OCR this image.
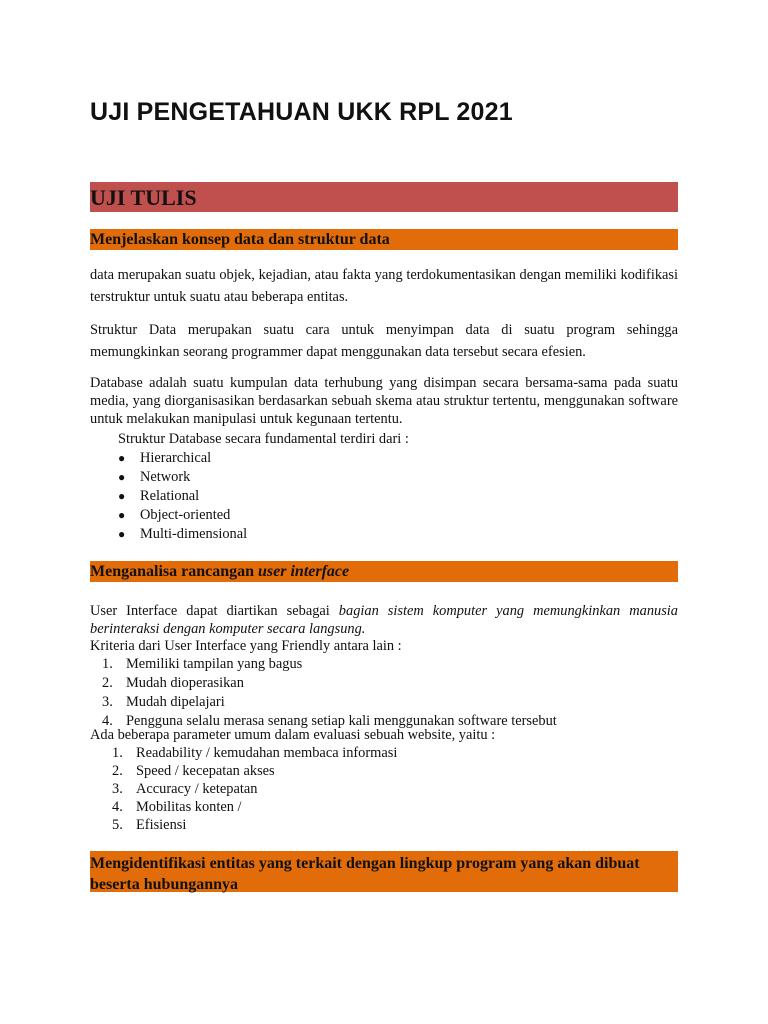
UJI PENGETAHUAN UKK RPL 2021
UJI TULIS
Menjelaskan konsep data dan struktur data
data merupakan suatu objek, kejadian, atau fakta yang terdokumentasikan dengan memiliki kodifikasi terstruktur untuk suatu atau beberapa entitas.
Struktur Data merupakan suatu cara untuk menyimpan data di suatu program sehingga memungkinkan seorang programmer dapat menggunakan data tersebut secara efesien.
Database adalah suatu kumpulan data terhubung yang disimpan secara bersama-sama pada suatu media, yang diorganisasikan berdasarkan sebuah skema atau struktur tertentu, menggunakan software untuk melakukan manipulasi untuk kegunaan tertentu.
Struktur Database secara fundamental terdiri dari :
● Hierarchical
● Network
● Relational
● Object-oriented
● Multi-dimensional
Menganalisa rancangan user interface
User Interface dapat diartikan sebagai bagian sistem komputer yang memungkinkan manusia berinteraksi dengan komputer secara langsung.
Kriteria dari User Interface yang Friendly antara lain :
1. Memiliki tampilan yang bagus
2. Mudah dioperasikan
3. Mudah dipelajari
4. Pengguna selalu merasa senang setiap kali menggunakan software tersebut
Ada beberapa parameter umum dalam evaluasi sebuah website, yaitu :
1. Readability / kemudahan membaca informasi
2. Speed / kecepatan akses
3. Accuracy / ketepatan
4. Mobilitas konten /
5. Efisiensi
Mengidentifikasi entitas yang terkait dengan lingkup program yang akan dibuat beserta hubungannya
